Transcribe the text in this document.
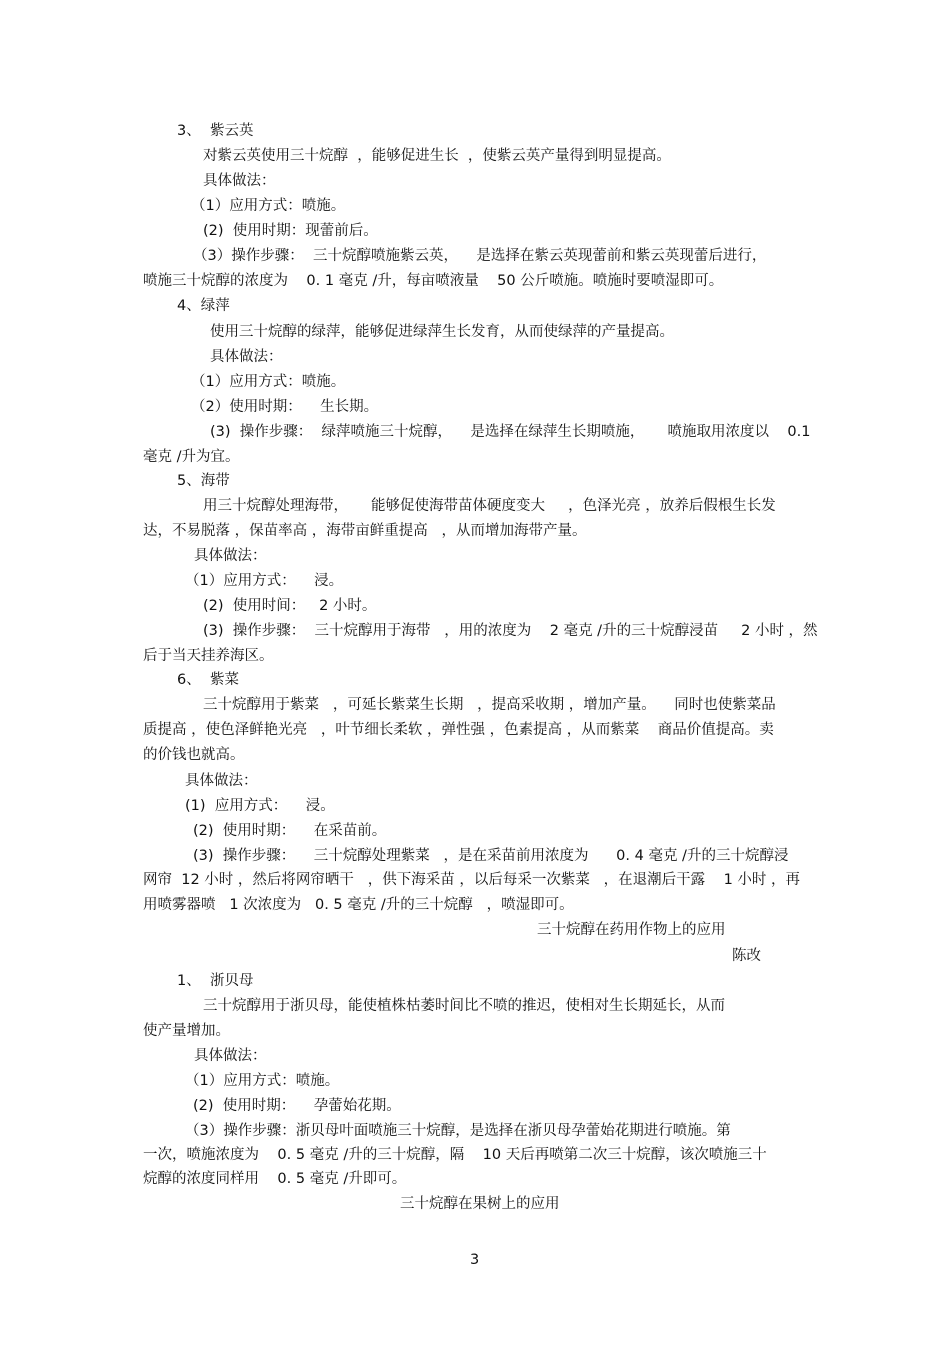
3、  紫云英

对紫云英使用三十烷醇  ，能够促进生长  ，使紫云英产量得到明显提高。

具体做法：

（1）应用方式：喷施。

(2)  使用时期：现蕾前后。

（3）操作步骤：  三十烷醇喷施紫云英，    是选择在紫云英现蕾前和紫云英现蕾后进行，

喷施三十烷醇的浓度为    0. 1 毫克 /升，每亩喷液量    50 公斤喷施。喷施时要喷湿即可。

4、绿萍

使用三十烷醇的绿萍，能够促进绿萍生长发育，从而使绿萍的产量提高。

具体做法：

（1）应用方式：喷施。

（2）使用时期：    生长期。

(3)  操作步骤：  绿萍喷施三十烷醇，    是选择在绿萍生长期喷施，     喷施取用浓度以    0.1

毫克 /升为宜。

5、海带

用三十烷醇处理海带，     能够促使海带苗体硬度变大     ，色泽光亮 ，放养后假根生长发

达，不易脱落 ，保苗率高 ，海带亩鲜重提高   ，从而增加海带产量。

具体做法：

（1）应用方式：    浸。

(2)  使用时间：   2 小时。

(3)  操作步骤：  三十烷醇用于海带   ，用的浓度为    2 毫克 /升的三十烷醇浸苗     2 小时 ，然

后于当天挂养海区。

6、  紫菜

三十烷醇用于紫菜   ，可延长紫菜生长期   ，提高采收期 ，增加产量。    同时也使紫菜品

质提高 ，使色泽鲜艳光亮   ，叶节细长柔软 ，弹性强 ，色素提高 ，从而紫菜    商品价值提高。卖

的价钱也就高。

具体做法：

(1)  应用方式：    浸。

(2)  使用时期：    在采苗前。

(3)  操作步骤：    三十烷醇处理紫菜   ，是在采苗前用浓度为      0. 4 毫克 /升的三十烷醇浸

网帘  12 小时 ，然后将网帘晒干   ，供下海采苗 ，以后每采一次紫菜   ，在退潮后干露    1 小时 ，再

用喷雾器喷   1 次浓度为   0. 5 毫克 /升的三十烷醇   ，喷湿即可。

三十烷醇在药用作物上的应用

陈改

1、  浙贝母

三十烷醇用于浙贝母，能使植株枯萎时间比不喷的推迟，使相对生长期延长，从而

使产量增加。

具体做法：

（1）应用方式：喷施。

(2)  使用时期：    孕蕾始花期。

（3）操作步骤：浙贝母叶面喷施三十烷醇，是选择在浙贝母孕蕾始花期进行喷施。第

一次，喷施浓度为    0. 5 毫克 /升的三十烷醇，隔    10 天后再喷第二次三十烷醇，该次喷施三十

烷醇的浓度同样用    0. 5 毫克 /升即可。

三十烷醇在果树上的应用

3
